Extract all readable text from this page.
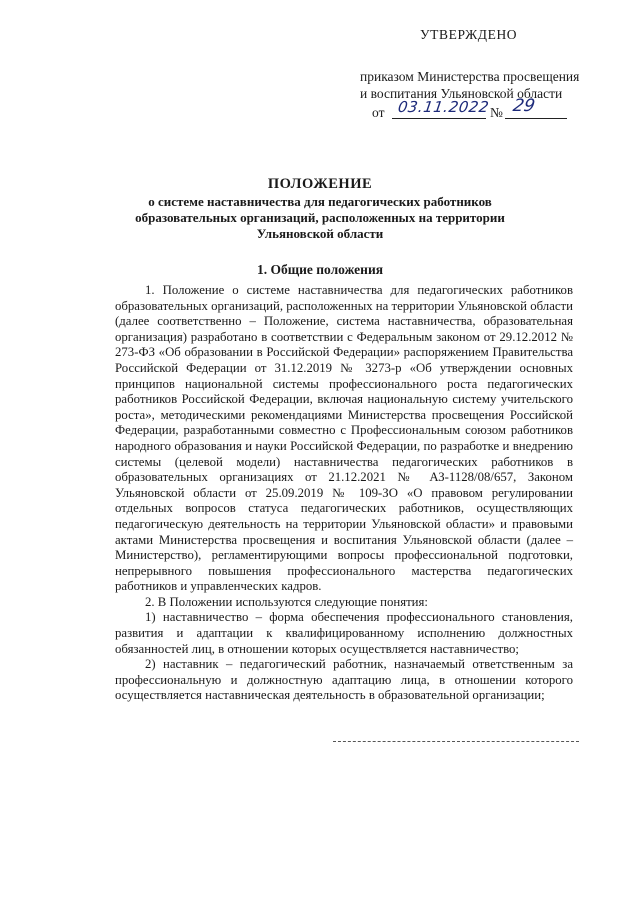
УТВЕРЖДЕНО
приказом Министерства просвещения
и воспитания Ульяновской области
от 03.11.2022 № 29
ПОЛОЖЕНИЕ
о системе наставничества для педагогических работников
образовательных организаций, расположенных на территории
Ульяновской области
1. Общие положения

1. Положение о системе наставничества для педагогических работников образовательных организаций, расположенных на территории Ульяновской области (далее соответственно – Положение, система наставничества, образовательная организация) разработано в соответствии с Федеральным законом от 29.12.2012 № 273-ФЗ «Об образовании в Российской Федерации» распоряжением Правительства Российской Федерации от 31.12.2019 № 3273-р «Об утверждении основных принципов национальной системы профессионального роста педагогических работников Российской Федерации, включая национальную систему учительского роста», методическими рекомендациями Министерства просвещения Российской Федерации, разработанными совместно с Профессиональным союзом работников народного образования и науки Российской Федерации, по разработке и внедрению системы (целевой модели) наставничества педагогических работников в образовательных организациях от 21.12.2021 № АЗ-1128/08/657, Законом Ульяновской области от 25.09.2019 № 109-ЗО «О правовом регулировании отдельных вопросов статуса педагогических работников, осуществляющих педагогическую деятельность на территории Ульяновской области» и правовыми актами Министерства просвещения и воспитания Ульяновской области (далее – Министерство), регламентирующими вопросы профессиональной подготовки, непрерывного повышения профессионального мастерства педагогических работников и управленческих кадров.

2. В Положении используются следующие понятия:

1) наставничество – форма обеспечения профессионального становления, развития и адаптации к квалифицированному исполнению должностных обязанностей лиц, в отношении которых осуществляется наставничество;

2) наставник – педагогический работник, назначаемый ответственным за профессиональную и должностную адаптацию лица, в отношении которого осуществляется наставническая деятельность в образовательной организации;
